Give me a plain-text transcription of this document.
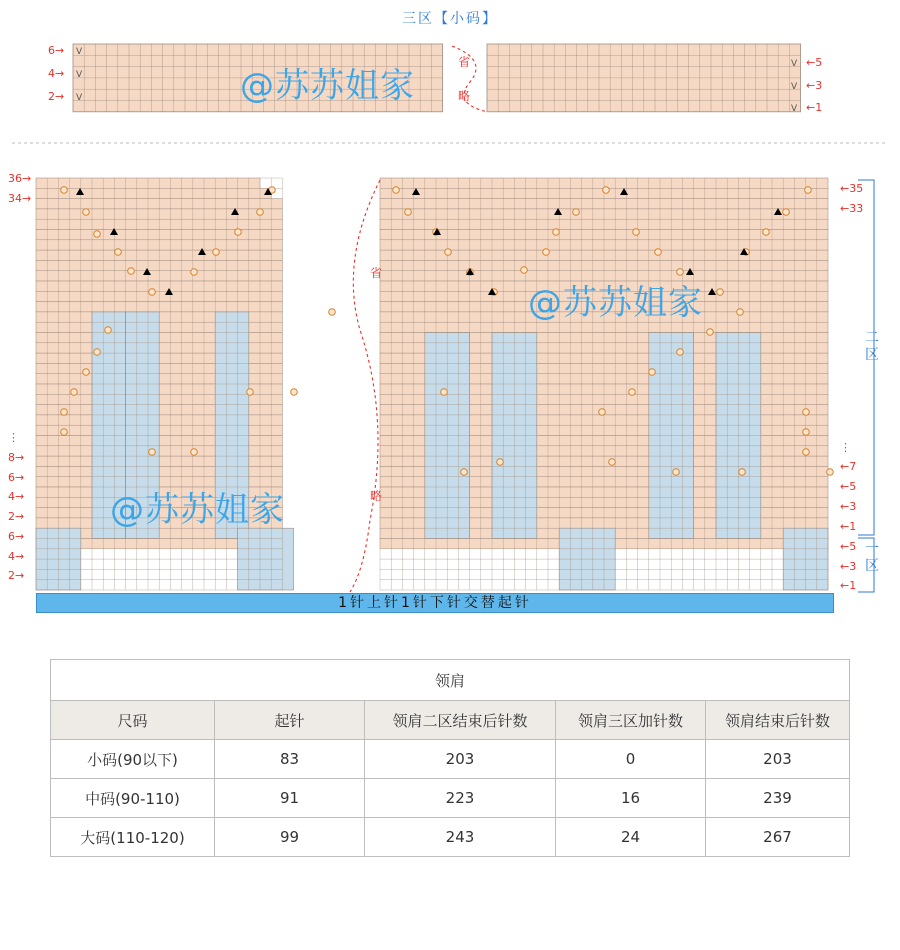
6→ V
4→ V
2→ V
←5
V
←3
V
←1
V
36→
34→
⋮
8→
6→
4→
2→
6→
4→
2→
←35
←33
⋮
←7
←5
←3
←1
←5
←3
←1
省
略
省
略
三区【小码】
@苏苏姐家
@苏苏姐家
@苏苏姐家
1针上针1针下针交替起针
二区
一区
领肩				
尺码	起针	领肩二区结束后针数	领肩三区加针数	领肩结束后针数
小码(90以下)	83	203	0	203
中码(90-110)	91	223	16	239
大码(110-120)	99	243	24	267
